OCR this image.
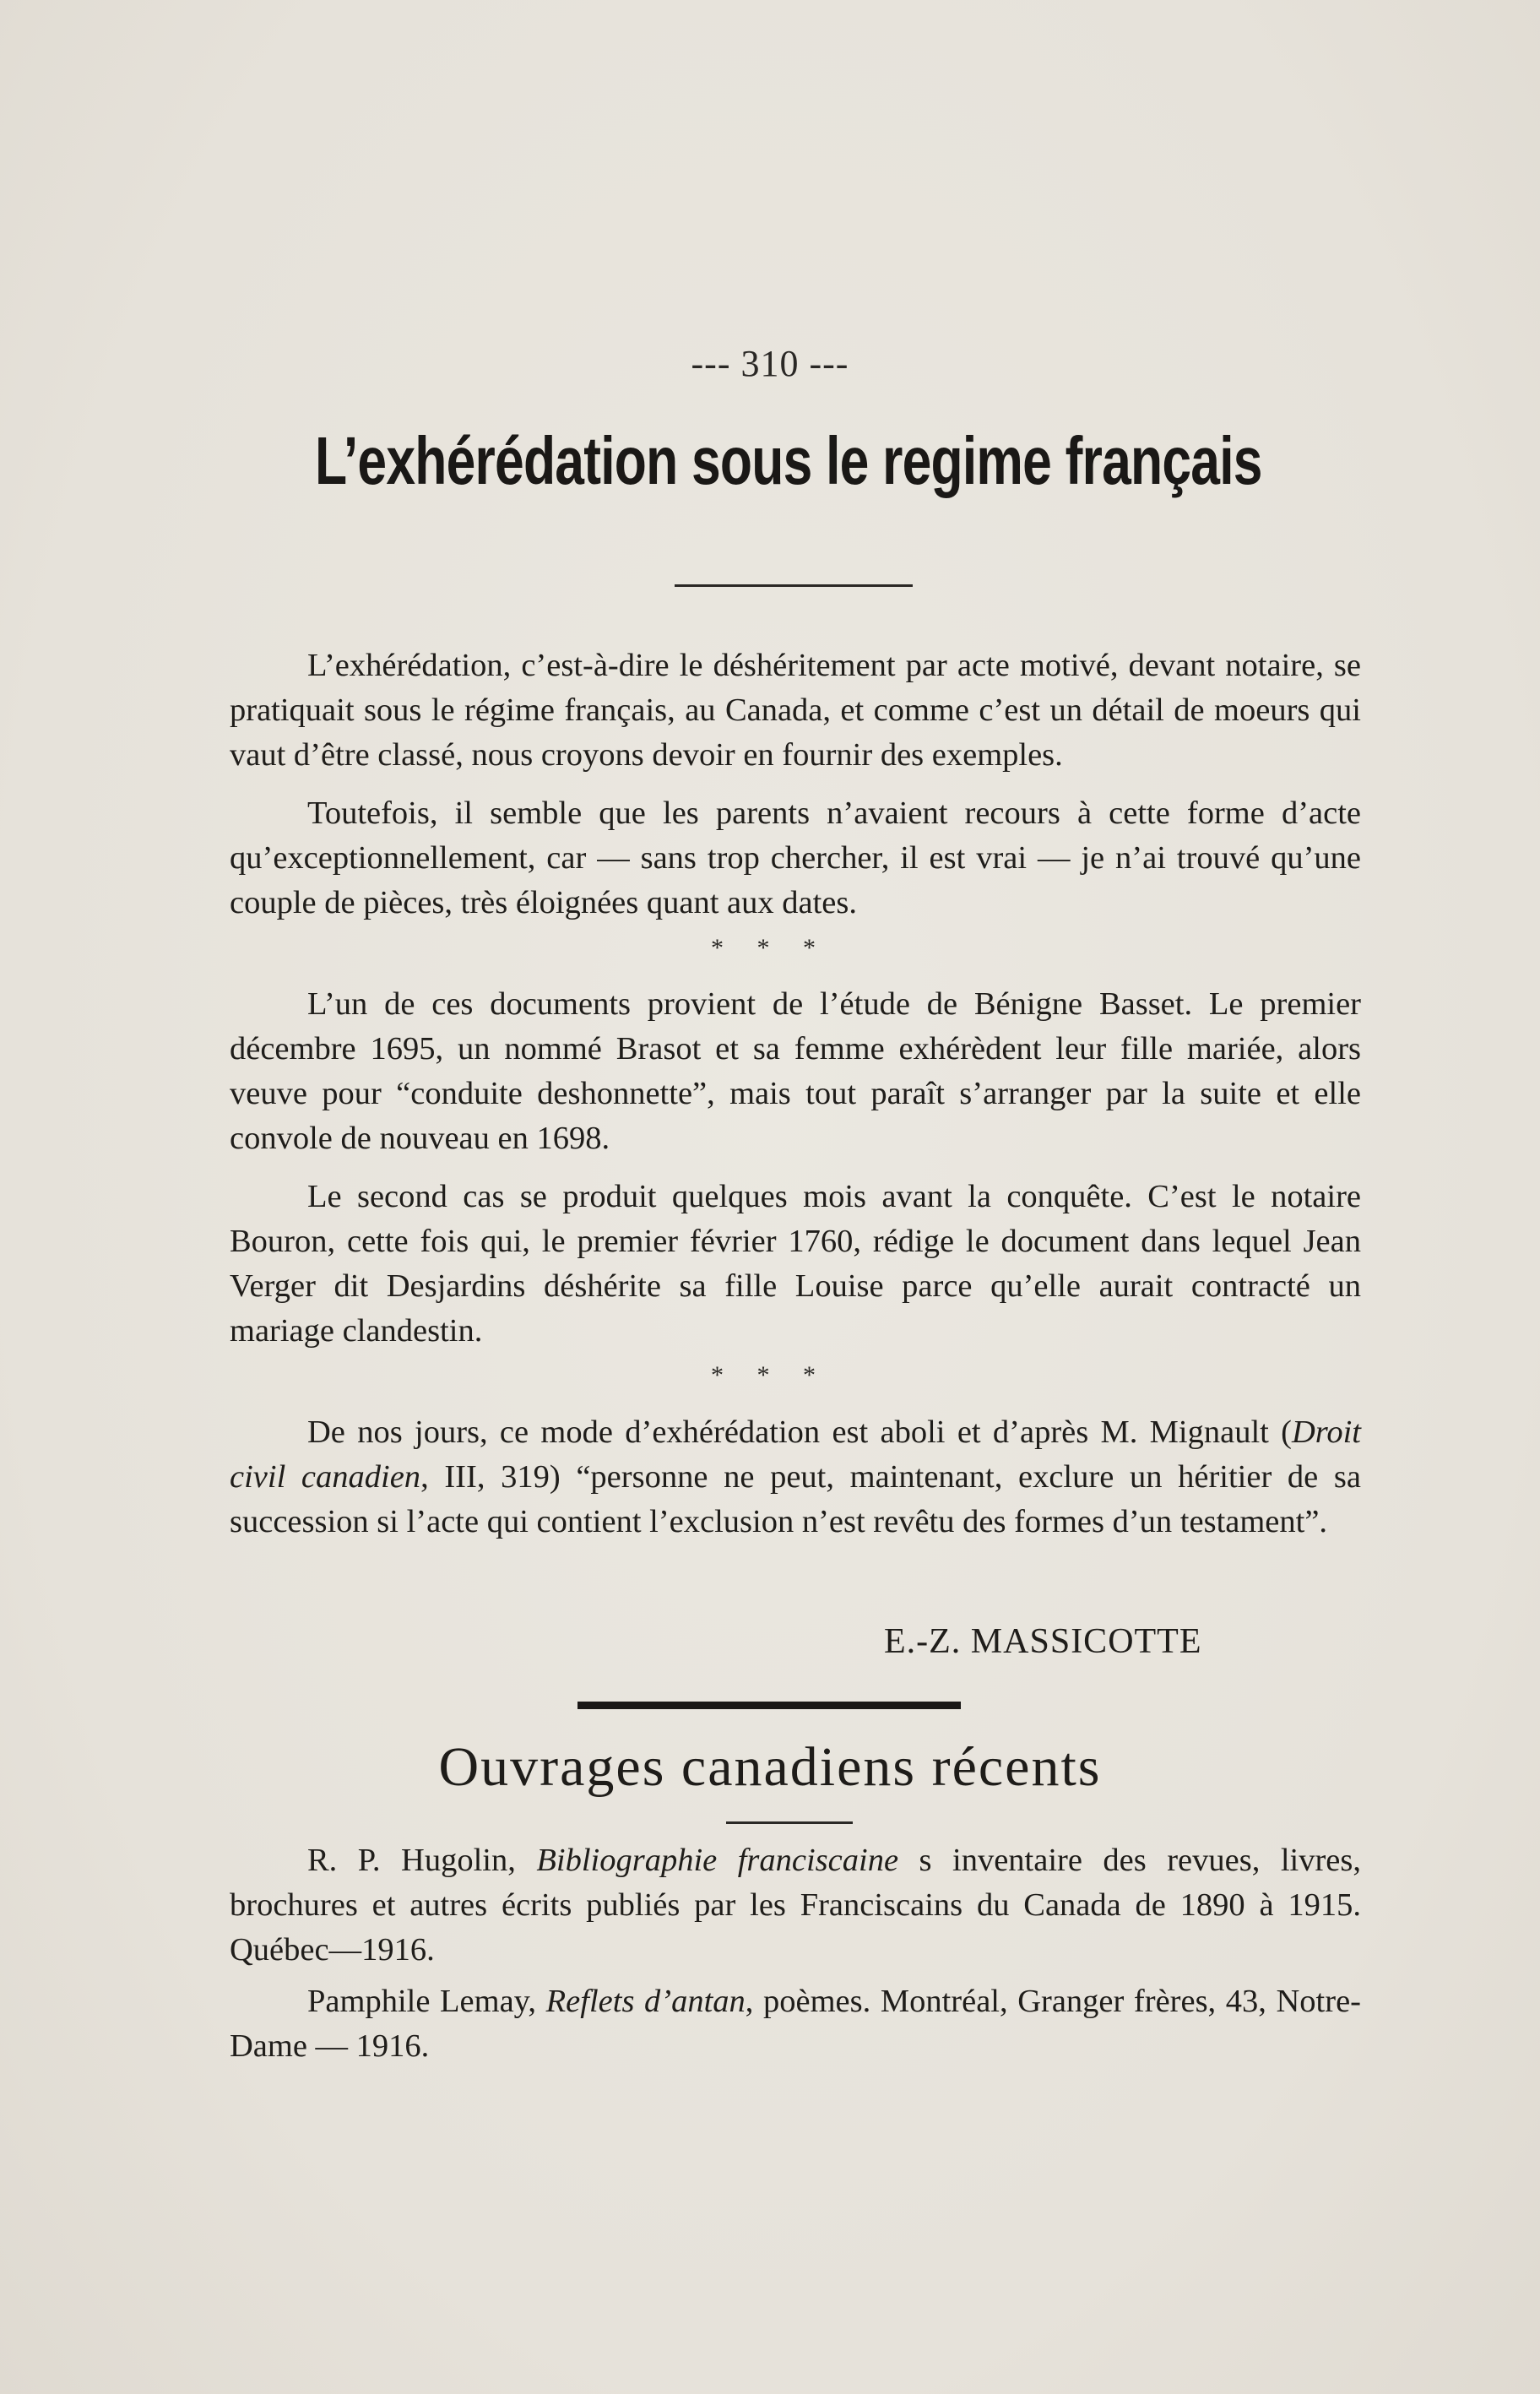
--- 310 ---
L’exhérédation sous le regime français

L’exhérédation, c’est-à-dire le déshéritement par acte motivé, devant notaire, se pratiquait sous le régime français, au Canada, et comme c’est un détail de moeurs qui vaut d’être classé, nous croyons devoir en fournir des exemples.

Toutefois, il semble que les parents n’avaient recours à cette forme d’acte qu’exceptionnellement, car — sans trop chercher, il est vrai — je n’ai trouvé qu’une couple de pièces, très éloignées quant aux dates.

* * *

L’un de ces documents provient de l’étude de Bénigne Basset. Le premier décembre 1695, un nommé Brasot et sa femme exhérèdent leur fille mariée, alors veuve pour “conduite deshonnette”, mais tout paraît s’arranger par la suite et elle convole de nouveau en 1698.

Le second cas se produit quelques mois avant la conquête. C’est le notaire Bouron, cette fois qui, le premier février 1760, rédige le document dans lequel Jean Verger dit Desjardins déshérite sa fille Louise parce qu’elle aurait contracté un mariage clandestin.

* * *

De nos jours, ce mode d’exhérédation est aboli et d’après M. Mignault (Droit civil canadien, III, 319) “personne ne peut, maintenant, exclure un héritier de sa succession si l’acte qui contient l’exclusion n’est revêtu des formes d’un testament”.

E.-Z. MASSICOTTE
Ouvrages canadiens récents

R. P. Hugolin, Bibliographie franciscaine s inventaire des revues, livres, brochures et autres écrits publiés par les Franciscains du Canada de 1890 à 1915. Québec—1916.

Pamphile Lemay, Reflets d’antan, poèmes. Montréal, Granger frères, 43, Notre-Dame — 1916.
